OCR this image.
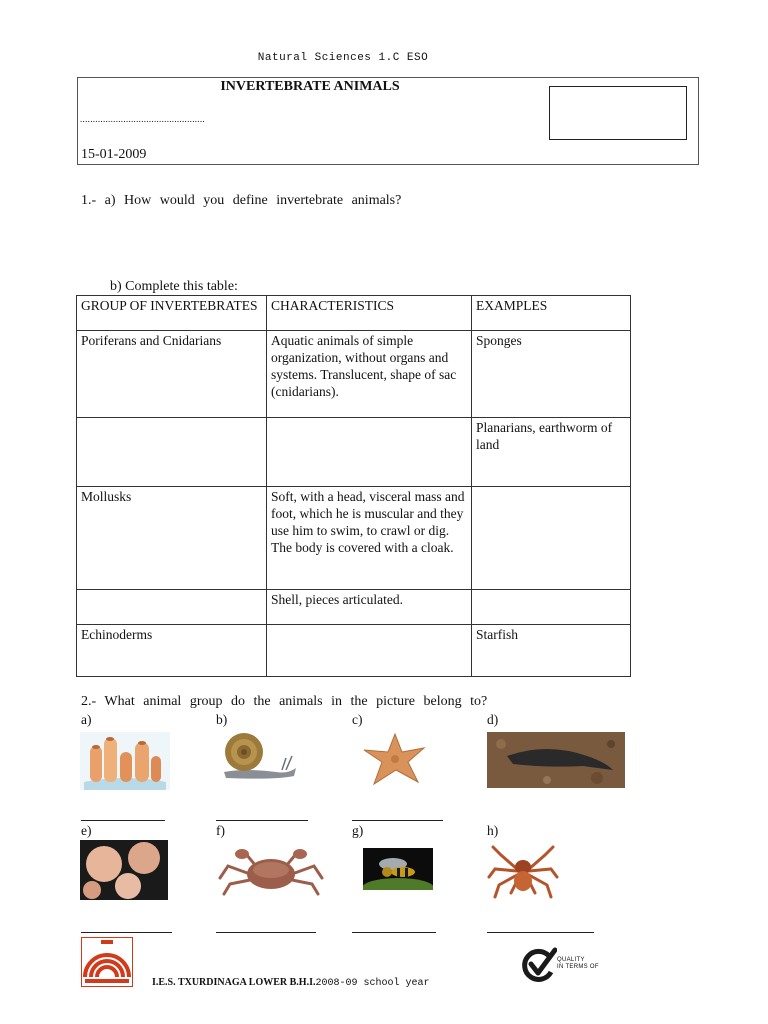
Natural Sciences 1.C ESO
INVERTEBRATE ANIMALS
.................................................
15-01-2009
1.- a) How would you define invertebrate animals?
b) Complete this table:
GROUP OF INVERTEBRATES	CHARACTERISTICS	EXAMPLES
Poriferans and Cnidarians	Aquatic animals of simple organization, without organs and systems. Translucent, shape of sac (cnidarians).	Sponges
		Planarians, earthworm of land
Mollusks	Soft, with a head, visceral mass and foot, which he is muscular and they use him to swim, to crawl or dig. The body is covered with a cloak.	
	Shell, pieces articulated.	
Echinoderms		Starfish
2.- What animal group do the animals in the picture belong to?
a)	b)	c)	d)
e)	f)	g)	h)
I.E.S. TXURDINAGA LOWER B.H.I.2008-09 school year
QUALITY
IN TERMS OF
